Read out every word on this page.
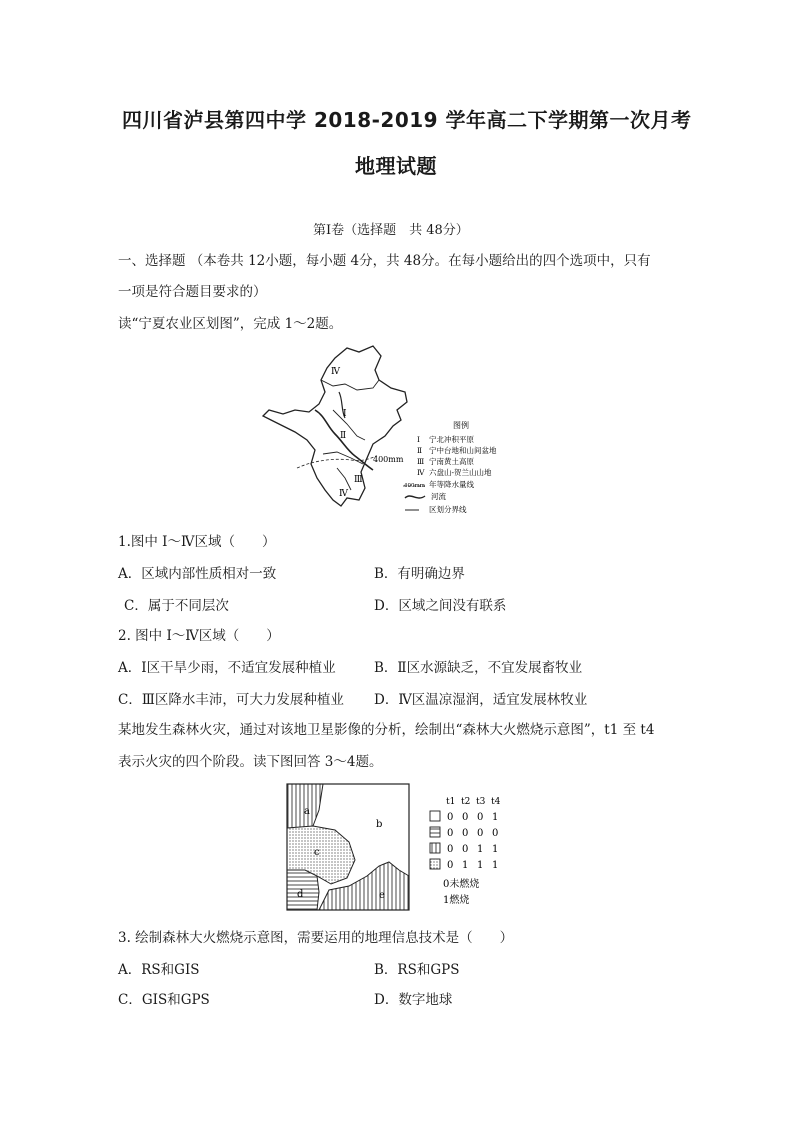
四川省泸县第四中学 2018-2019 学年高二下学期第一次月考
地理试题
第Ⅰ卷（选择题　共 48分）
一、选择题 （本卷共 12小题，每小题 4分，共 48分。在每小题给出的四个选项中，只有
一项是符合题目要求的）
读“宁夏农业区划图”，完成 1～2题。
Ⅳ
Ⅰ
Ⅱ
Ⅲ
Ⅳ
400mm
图例
Ⅰ 宁北冲积平原
Ⅱ 宁中台地和山间盆地
Ⅲ 宁南黄土高原
Ⅳ 六盘山-贺兰山山地
400mm 年等降水量线
河流
区划分界线
1.图中 Ⅰ～Ⅳ区域（　　）
A．区域内部性质相对一致	B．有明确边界
C．属于不同层次	D．区域之间没有联系
2. 图中 Ⅰ～Ⅳ区域（　　）
A．Ⅰ区干旱少雨，不适宜发展种植业	B．Ⅱ区水源缺乏，不宜发展畜牧业
C．Ⅲ区降水丰沛，可大力发展种植业 D．Ⅳ区温凉湿润，适宜发展林牧业
某地发生森林火灾，通过对该地卫星影像的分析，绘制出“森林大火燃烧示意图”，t1 至 t4
表示火灾的四个阶段。读下图回答 3～4题。
a
b
c
d	e
t1 t2 t3 t4
0 0 0 1
0 0 0 0
0 0 1 1
0 1 1 1
0未燃烧
1燃烧
3. 绘制森林大火燃烧示意图，需要运用的地理信息技术是（　　）
A．RS和GIS	B．RS和GPS
C．GIS和GPS	D．数字地球
